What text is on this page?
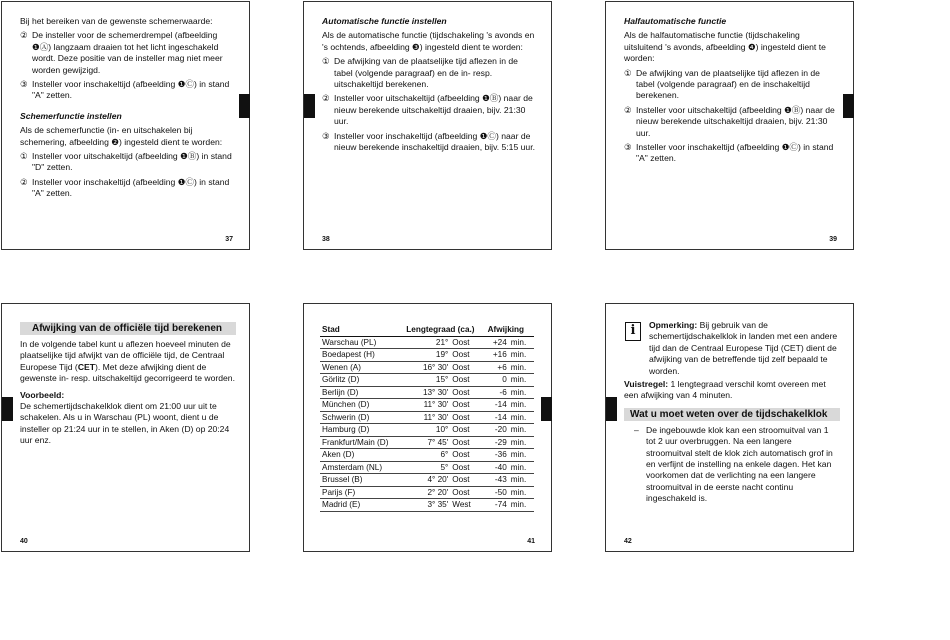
Bij het bereiken van de gewenste schemerwaarde:

② De insteller voor de schemerdrempel (afbeelding ❶Ⓐ) langzaam draaien tot het licht ingeschakeld wordt. Deze positie van de insteller mag niet meer worden gewijzigd.
③ Insteller voor inschakeltijd (afbeelding ❶Ⓒ) in stand "A" zetten.

Schemerfunctie instellen

Als de schemerfunctie (in- en uitschakelen bij schemering, afbeelding ❷) ingesteld dient te worden:

① Insteller voor uitschakeltijd (afbeelding ❶Ⓑ) in stand "D" zetten.
② Insteller voor inschakeltijd (afbeelding ❶Ⓒ) in stand "A" zetten.
37

Automatische functie instellen

Als de automatische functie (tijdschakeling 's avonds en 's ochtends, afbeelding ❸) ingesteld dient te worden:

① De afwijking van de plaatselijke tijd aflezen in de tabel (volgende paragraaf) en de in- resp. uitschakeltijd berekenen.
② Insteller voor uitschakeltijd (afbeelding ❶Ⓑ) naar de nieuw berekende uitschakeltijd draaien, bijv. 21:30 uur.
③ Insteller voor inschakeltijd (afbeelding ❶Ⓒ) naar de nieuw berekende inschakeltijd draaien, bijv. 5:15 uur.
38

Halfautomatische functie

Als de halfautomatische functie (tijdschakeling uitsluitend 's avonds, afbeelding ❹) ingesteld dient te worden:

① De afwijking van de plaatselijke tijd aflezen in de tabel (volgende paragraaf) en de inschakeltijd berekenen.
② Insteller voor uitschakeltijd (afbeelding ❶Ⓑ) naar de nieuw berekende uitschakeltijd draaien, bijv. 21:30 uur.
③ Insteller voor inschakeltijd (afbeelding ❶Ⓒ) in stand "A" zetten.
39
Afwijking van de officiële tijd berekenen

In de volgende tabel kunt u aflezen hoeveel minuten de plaatselijke tijd afwijkt van de officiële tijd, de Centraal Europese Tijd (CET). Met deze afwijking dient de gewenste in- resp. uitschakeltijd gecorrigeerd te worden.

Voorbeeld:

De schemertijdschakelklok dient om 21:00 uur uit te schakelen. Als u in Warschau (PL) woont, dient u de insteller op 21:24 uur in te stellen, in Aken (D) op 20:24 uur enz.

40
Stad	Lengtegraad (ca.)		Afwijking	
Warschau (PL)	21°	Oost	+24	min.
Boedapest (H)	19°	Oost	+16	min.
Wenen (A)	16° 30'	Oost	+6	min.
Görlitz (D)	15°	Oost	0	min.
Berlijn (D)	13° 30'	Oost	-6	min.
München (D)	11° 30'	Oost	-14	min.
Schwerin (D)	11° 30'	Oost	-14	min.
Hamburg (D)	10°	Oost	-20	min.
Frankfurt/Main (D)	7° 45'	Oost	-29	min.
Aken (D)	6°	Oost	-36	min.
Amsterdam (NL)	5°	Oost	-40	min.
Brussel (B)	4° 20'	Oost	-43	min.
Parijs (F)	2° 20'	Oost	-50	min.
Madrid (E)	3° 35'	West	-74	min.
41
i	Opmerking: Bij gebruik van de schemertijdschakelklok in landen met een andere tijd dan de Centraal Europese Tijd (CET) dient de afwijking van de betreffende tijd zelf bepaald te worden.

Vuistregel: 1 lengtegraad verschil komt overeen met een afwijking van 4 minuten.

Wat u moet weten over de tijdschakelklok
– De ingebouwde klok kan een stroomuitval van 1 tot 2 uur overbruggen. Na een langere stroomuitval stelt de klok zich automatisch grof in en verfijnt de instelling na enkele dagen. Het kan voorkomen dat de verlichting na een langere stroomuitval in de eerste nacht continu ingeschakeld is.
42
